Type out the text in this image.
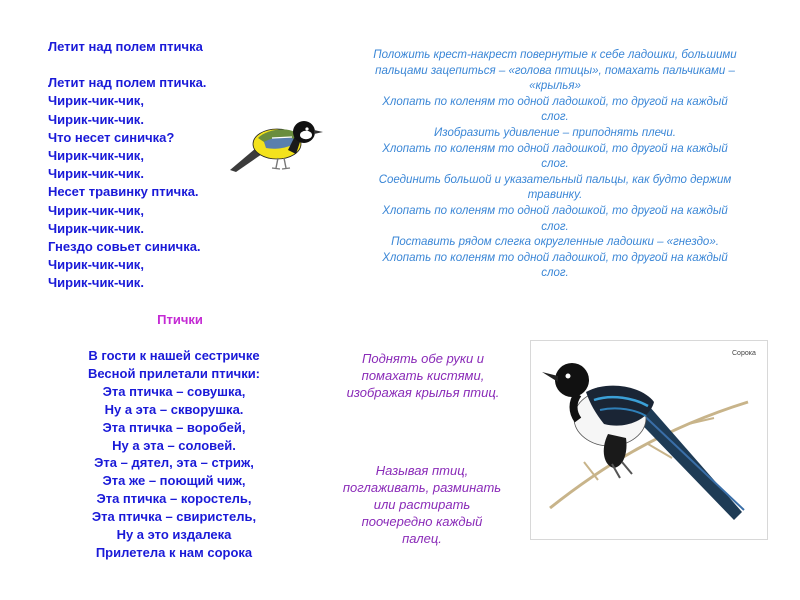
Летит над полем птичка
Летит над полем птичка.
Чирик-чик-чик,
Чирик-чик-чик.
Что несет синичка?
Чирик-чик-чик,
Чирик-чик-чик.
Несет травинку птичка.
Чирик-чик-чик,
Чирик-чик-чик.
Гнездо совьет синичка.
Чирик-чик-чик,
Чирик-чик-чик.
Положить крест-накрест повернутые к себе ладошки, большими
пальцами зацепиться – «голова птицы», помахать пальчиками –
«крылья»
Хлопать по коленям то одной ладошкой, то другой на каждый
слог.
Изобразить удивление – приподнять плечи.
Хлопать по коленям то одной ладошкой, то другой на каждый
слог.
Соединить большой и указательный пальцы, как будто держим
травинку.
Хлопать по коленям то одной ладошкой, то другой на каждый
слог.
Поставить рядом слегка округленные ладошки – «гнездо».
Хлопать по коленям то одной ладошкой, то другой на каждый
слог.
Птички
В гости к нашей сестричке
Весной прилетали птички:
Эта птичка – совушка,
Ну а эта – скворушка.
Эта птичка – воробей,
Ну а эта – соловей.
Эта – дятел, эта – стриж,
Эта же – поющий чиж,
Эта птичка – коростель,
Эта птичка – свиристель,
Ну а это издалека
Прилетела к нам сорока
Поднять обе руки и
помахать кистями,
изображая крылья птиц.
Называя птиц,
поглаживать, разминать
или растирать
поочередно каждый
палец.
Сорока
